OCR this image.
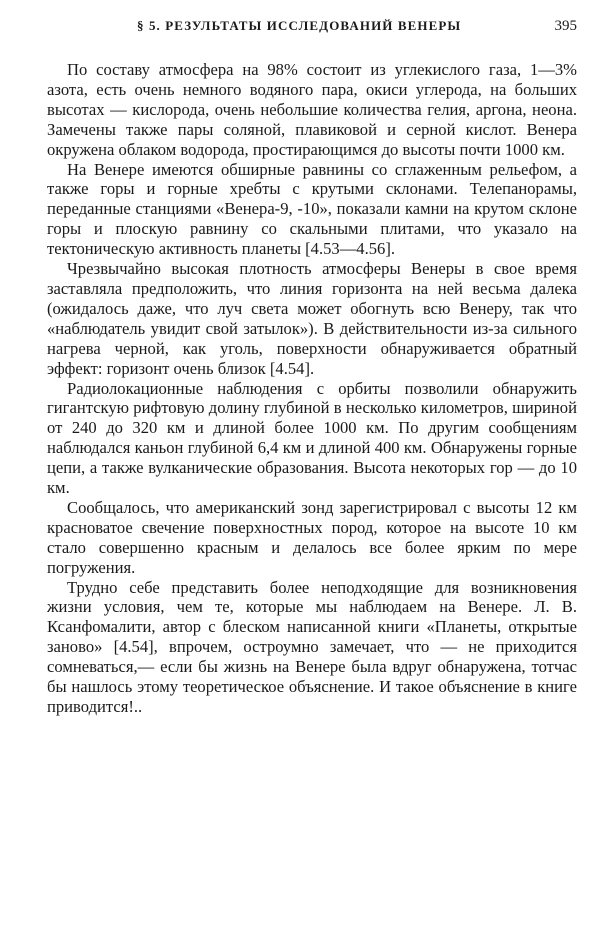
§ 5. РЕЗУЛЬТАТЫ ИССЛЕДОВАНИЙ ВЕНЕРЫ	395

По составу атмосфера на 98% состоит из углекислого газа, 1—3% азота, есть очень немного водяного пара, окиси углерода, на больших высотах — кислорода, очень небольшие количества гелия, аргона, неона. Замечены также пары соляной, плавиковой и серной кислот. Венера окружена облаком водорода, простирающимся до высоты почти 1000 км.

На Венере имеются обширные равнины со сглаженным рельефом, а также горы и горные хребты с крутыми склонами. Телепанорамы, переданные станциями «Венера-9, -10», показали камни на крутом склоне горы и плоскую равнину со скальными плитами, что указало на тектоническую активность планеты [4.53—4.56].

Чрезвычайно высокая плотность атмосферы Венеры в свое время заставляла предположить, что линия горизонта на ней весьма далека (ожидалось даже, что луч света может обогнуть всю Венеру, так что «наблюдатель увидит свой затылок»). В действительности из-за сильного нагрева черной, как уголь, поверхности обнаруживается обратный эффект: горизонт очень близок [4.54].

Радиолокационные наблюдения с орбиты позволили обнаружить гигантскую рифтовую долину глубиной в несколько километров, шириной от 240 до 320 км и длиной более 1000 км. По другим сообщениям наблюдался каньон глубиной 6,4 км и длиной 400 км. Обнаружены горные цепи, а также вулканические образования. Высота некоторых гор — до 10 км.

Сообщалось, что американский зонд зарегистрировал с высоты 12 км красноватое свечение поверхностных пород, которое на высоте 10 км стало совершенно красным и делалось все более ярким по мере погружения.

Трудно себе представить более неподходящие для возникновения жизни условия, чем те, которые мы наблюдаем на Венере. Л. В. Ксанфомалити, автор с блеском написанной книги «Планеты, открытые заново» [4.54], впрочем, остроумно замечает, что — не приходится сомневаться,— если бы жизнь на Венере была вдруг обнаружена, тотчас бы нашлось этому теоретическое объяснение. И такое объяснение в книге приводится!..
